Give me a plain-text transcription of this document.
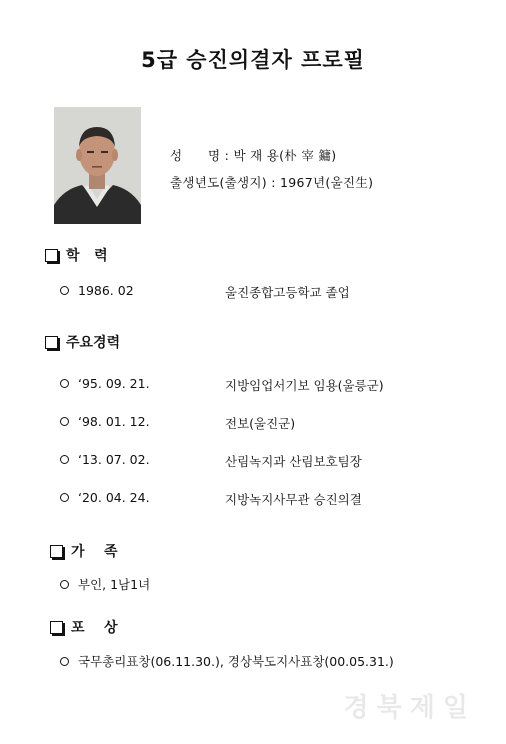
5급 승진의결자 프로필
성      명 : 박 재 용(朴 宰 鏞)
출생년도(출생지) : 1967년(울진生)
학   력
1986. 02	울진종합고등학교 졸업
주요경력
‘95. 09. 21.	지방임업서기보 임용(울릉군)
‘98. 01. 12.	전보(울진군)
‘13. 07. 02.	산림녹지과 산림보호팀장
‘20. 04. 24.	지방녹지사무관 승진의결
가    족
부인, 1남1녀
포    상
국무총리표창(06.11.30.), 경상북도지사표창(00.05.31.)
경북제일
